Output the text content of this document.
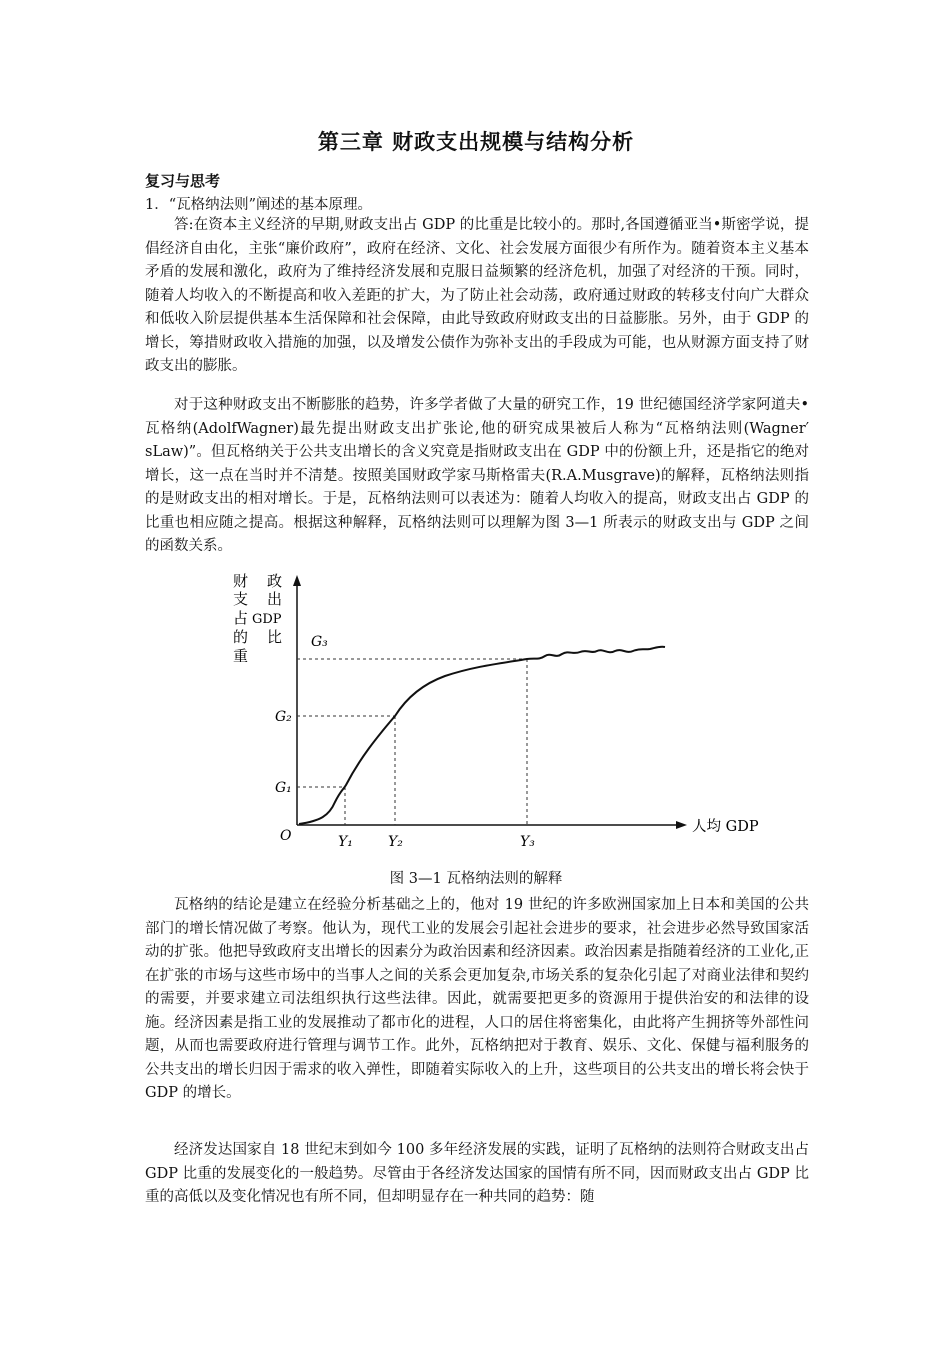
第三章 财政支出规模与结构分析
复习与思考

1．“瓦格纳法则”阐述的基本原理。

答:在资本主义经济的早期,财政支出占 GDP 的比重是比较小的。那时,各国遵循亚当•斯密学说，提倡经济自由化，主张“廉价政府”，政府在经济、文化、社会发展方面很少有所作为。随着资本主义基本矛盾的发展和激化，政府为了维持经济发展和克服日益频繁的经济危机，加强了对经济的干预。同时，随着人均收入的不断提高和收入差距的扩大，为了防止社会动荡，政府通过财政的转移支付向广大群众和低收入阶层提供基本生活保障和社会保障，由此导致政府财政支出的日益膨胀。另外，由于 GDP 的增长，筹措财政收入措施的加强，以及增发公债作为弥补支出的手段成为可能，也从财源方面支持了财政支出的膨胀。

对于这种财政支出不断膨胀的趋势，许多学者做了大量的研究工作，19 世纪德国经济学家阿道夫•瓦格纳(AdolfWagner)最先提出财政支出扩张论,他的研究成果被后人称为“瓦格纳法则(Wagner′ sLaw)”。但瓦格纳关于公共支出增长的含义究竟是指财政支出在 GDP 中的份额上升，还是指它的绝对增长，这一点在当时并不清楚。按照美国财政学家马斯格雷夫(R.A.Musgrave)的解释，瓦格纳法则指的是财政支出的相对增长。于是，瓦格纳法则可以表述为：随着人均收入的提高，财政支出占 GDP 的比重也相应随之提高。根据这种解释，瓦格纳法则可以理解为图 3—1 所表示的财政支出与 GDP 之间的函数关系。

财 政
支 出
占 GDP
的 比
重
G₁
G₂
G₃
Y₁	Y₂	Y₃
O
人均 GDP

图 3—1 瓦格纳法则的解释

瓦格纳的结论是建立在经验分析基础之上的，他对 19 世纪的许多欧洲国家加上日本和美国的公共部门的增长情况做了考察。他认为，现代工业的发展会引起社会进步的要求，社会进步必然导致国家活动的扩张。他把导致政府支出增长的因素分为政治因素和经济因素。政治因素是指随着经济的工业化,正在扩张的市场与这些市场中的当事人之间的关系会更加复杂,市场关系的复杂化引起了对商业法律和契约的需要，并要求建立司法组织执行这些法律。因此，就需要把更多的资源用于提供治安的和法律的设施。经济因素是指工业的发展推动了都市化的进程，人口的居住将密集化，由此将产生拥挤等外部性问题，从而也需要政府进行管理与调节工作。此外，瓦格纳把对于教育、娱乐、文化、保健与福利服务的公共支出的增长归因于需求的收入弹性，即随着实际收入的上升，这些项目的公共支出的增长将会快于 GDP 的增长。

经济发达国家自 18 世纪末到如今 100 多年经济发展的实践，证明了瓦格纳的法则符合财政支出占 GDP 比重的发展变化的一般趋势。尽管由于各经济发达国家的国情有所不同，因而财政支出占 GDP 比重的高低以及变化情况也有所不同，但却明显存在一种共同的趋势：随
